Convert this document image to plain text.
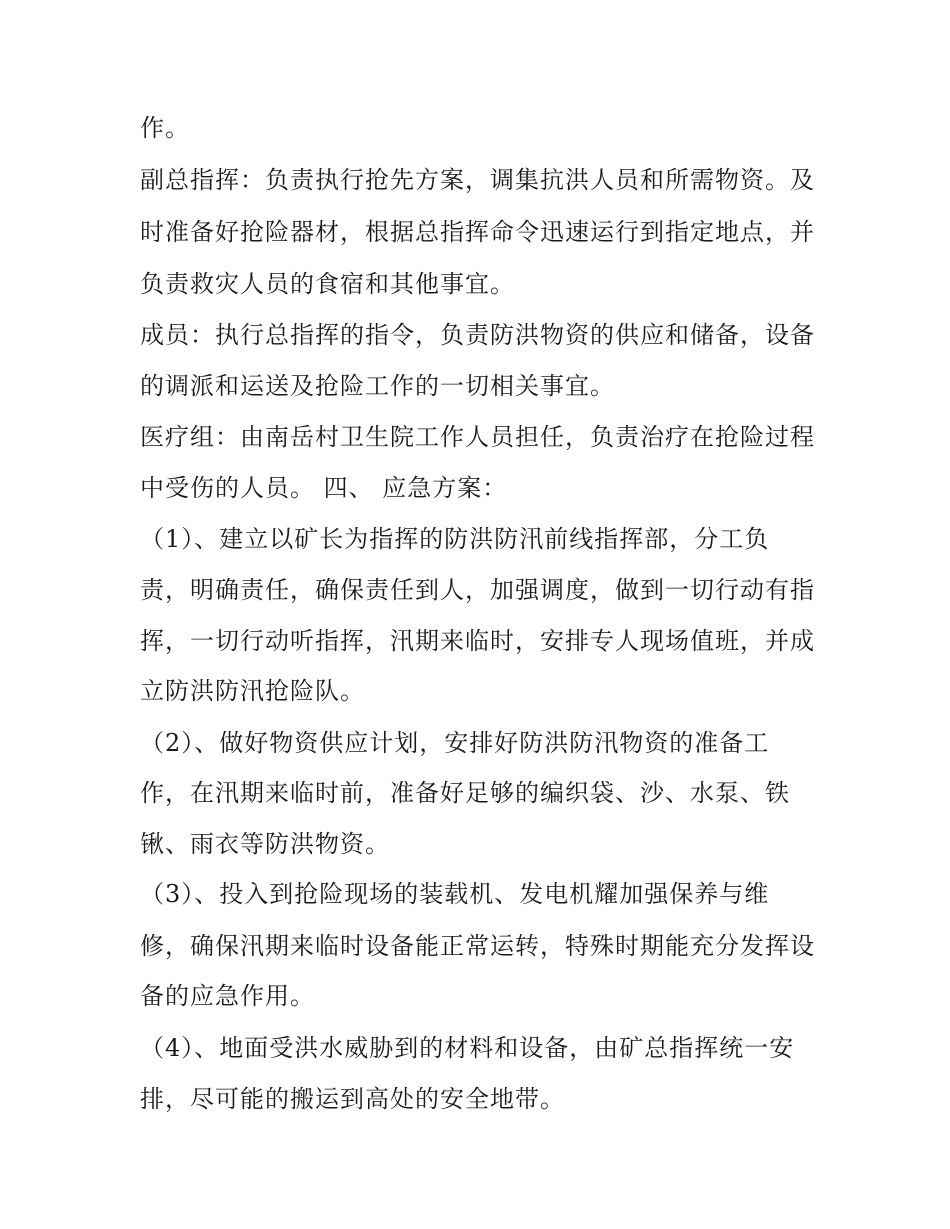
作。
副总指挥：负责执行抢先方案，调集抗洪人员和所需物资。及
时准备好抢险器材，根据总指挥命令迅速运行到指定地点，并
负责救灾人员的食宿和其他事宜。
成员：执行总指挥的指令，负责防洪物资的供应和储备，设备
的调派和运送及抢险工作的一切相关事宜。
医疗组：由南岳村卫生院工作人员担任，负责治疗在抢险过程
中受伤的人员。 四、 应急方案：
（1）、建立以矿长为指挥的防洪防汛前线指挥部，分工负
责，明确责任，确保责任到人，加强调度，做到一切行动有指
挥，一切行动听指挥，汛期来临时，安排专人现场值班，并成
立防洪防汛抢险队。
（2）、做好物资供应计划，安排好防洪防汛物资的准备工
作，在汛期来临时前，准备好足够的编织袋、沙、水泵、铁
锹、雨衣等防洪物资。
（3）、投入到抢险现场的装载机、发电机耀加强保养与维
修，确保汛期来临时设备能正常运转，特殊时期能充分发挥设
备的应急作用。
（4）、地面受洪水威胁到的材料和设备，由矿总指挥统一安
排，尽可能的搬运到高处的安全地带。
